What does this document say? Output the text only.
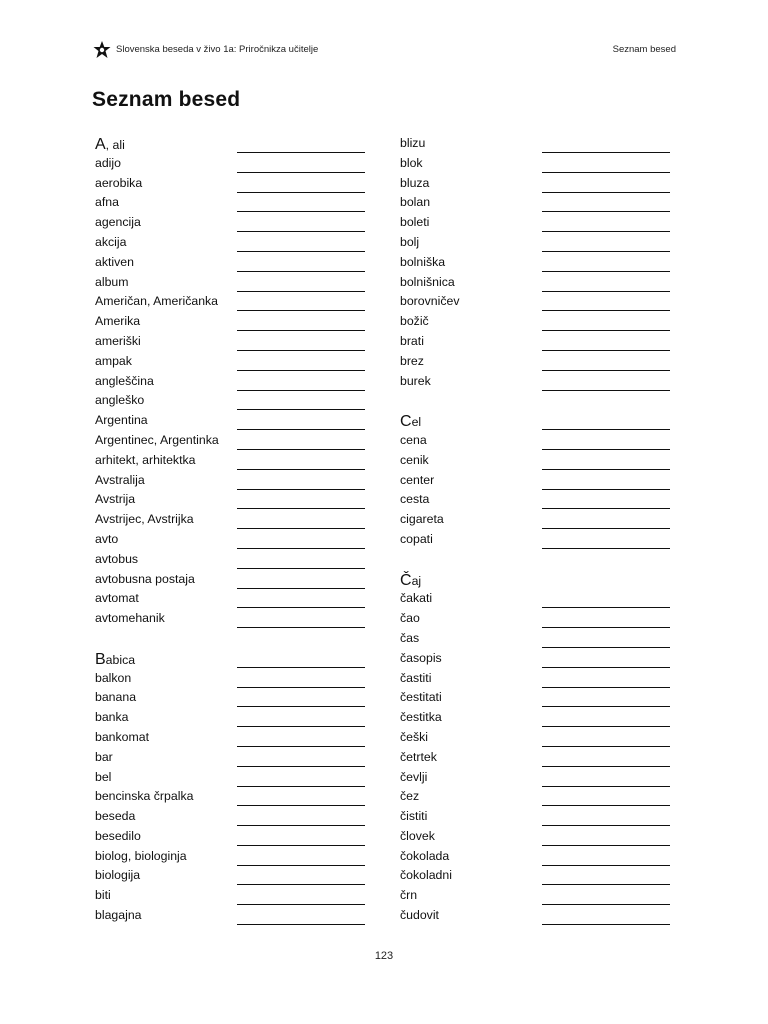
Slovenska beseda v živo 1a: Priročnikza učitelje	Seznam besed
Seznam besed
A, ali
adijo
aerobika
afna
agencija
akcija
aktiven
album
Američan, Američanka
Amerika
ameriški
ampak
angleščina
angleško
Argentina
Argentinec, Argentinka
arhitekt, arhitektka
Avstralija
Avstrija
Avstrijec, Avstrijka
avto
avtobus
avtobusna postaja
avtomat
avtomehanik
Babica
balkon
banana
banka
bankomat
bar
bel
bencinska črpalka
beseda
besedilo
biolog, biologinja
biologija
biti
blagajna
blizu
blok
bluza
bolan
boleti
bolj
bolniška
bolnišnica
borovničev
božič
brati
brez
burek
Cel
cena
cenik
center
cesta
cigareta
copati
Čaj
čakati
čao
čas
časopis
častiti
čestitati
čestitka
češki
četrtek
čevlji
čez
čistiti
človek
čokolada
čokoladni
črn
čudovit
123
